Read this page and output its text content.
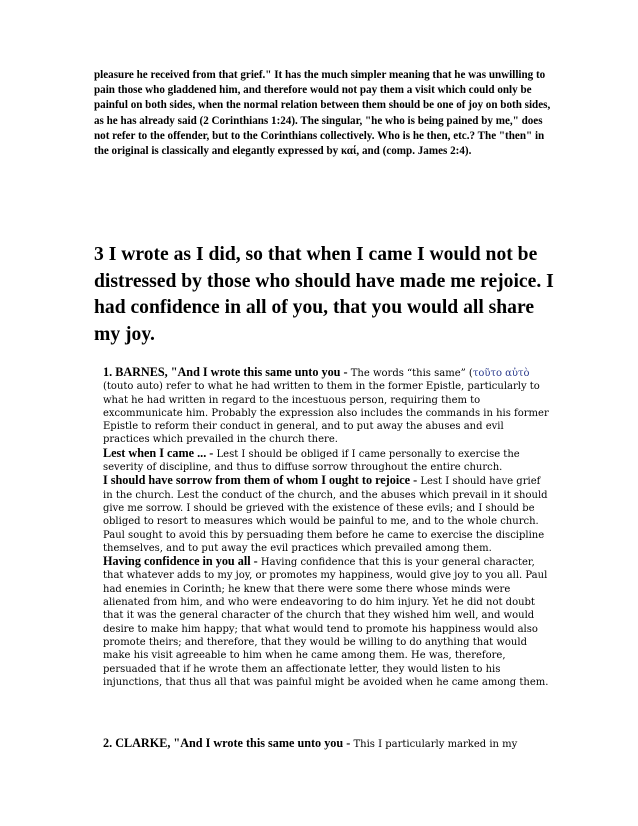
pleasure he received from that grief." It has the much simpler meaning that he was unwilling to pain those who gladdened him, and therefore would not pay them a visit which could only be painful on both sides, when the normal relation between them should be one of joy on both sides, as he has already said (2 Corinthians 1:24). The singular, "he who is being pained by me," does not refer to the offender, but to the Corinthians collectively. Who is he then, etc.? The "then" in the original is classically and elegantly expressed by καί, and (comp. James 2:4).

3 I wrote as I did, so that when I came I would not be distressed by those who should have made me rejoice. I had confidence in all of you, that you would all share my joy.

1. BARNES, "And I wrote this same unto you - The words “this same” (τοῦτο αὐτὸ (touto auto) refer to what he had written to them in the former Epistle, particularly to what he had written in regard to the incestuous person, requiring them to excommunicate him. Probably the expression also includes the commands in his former Epistle to reform their conduct in general, and to put away the abuses and evil practices which prevailed in the church there.

Lest when I came ... - Lest I should be obliged if I came personally to exercise the severity of discipline, and thus to diffuse sorrow throughout the entire church.

I should have sorrow from them of whom I ought to rejoice - Lest I should have grief in the church. Lest the conduct of the church, and the abuses which prevail in it should give me sorrow. I should be grieved with the existence of these evils; and I should be obliged to resort to measures which would be painful to me, and to the whole church. Paul sought to avoid this by persuading them before he came to exercise the discipline themselves, and to put away the evil practices which prevailed among them.

Having confidence in you all - Having confidence that this is your general character, that whatever adds to my joy, or promotes my happiness, would give joy to you all. Paul had enemies in Corinth; he knew that there were some there whose minds were alienated from him, and who were endeavoring to do him injury. Yet he did not doubt that it was the general character of the church that they wished him well, and would desire to make him happy; that what would tend to promote his happiness would also promote theirs; and therefore, that they would be willing to do anything that would make his visit agreeable to him when he came among them. He was, therefore, persuaded that if he wrote them an affectionate letter, they would listen to his injunctions, that thus all that was painful might be avoided when he came among them.

2. CLARKE, "And I wrote this same unto you - This I particularly marked in my
